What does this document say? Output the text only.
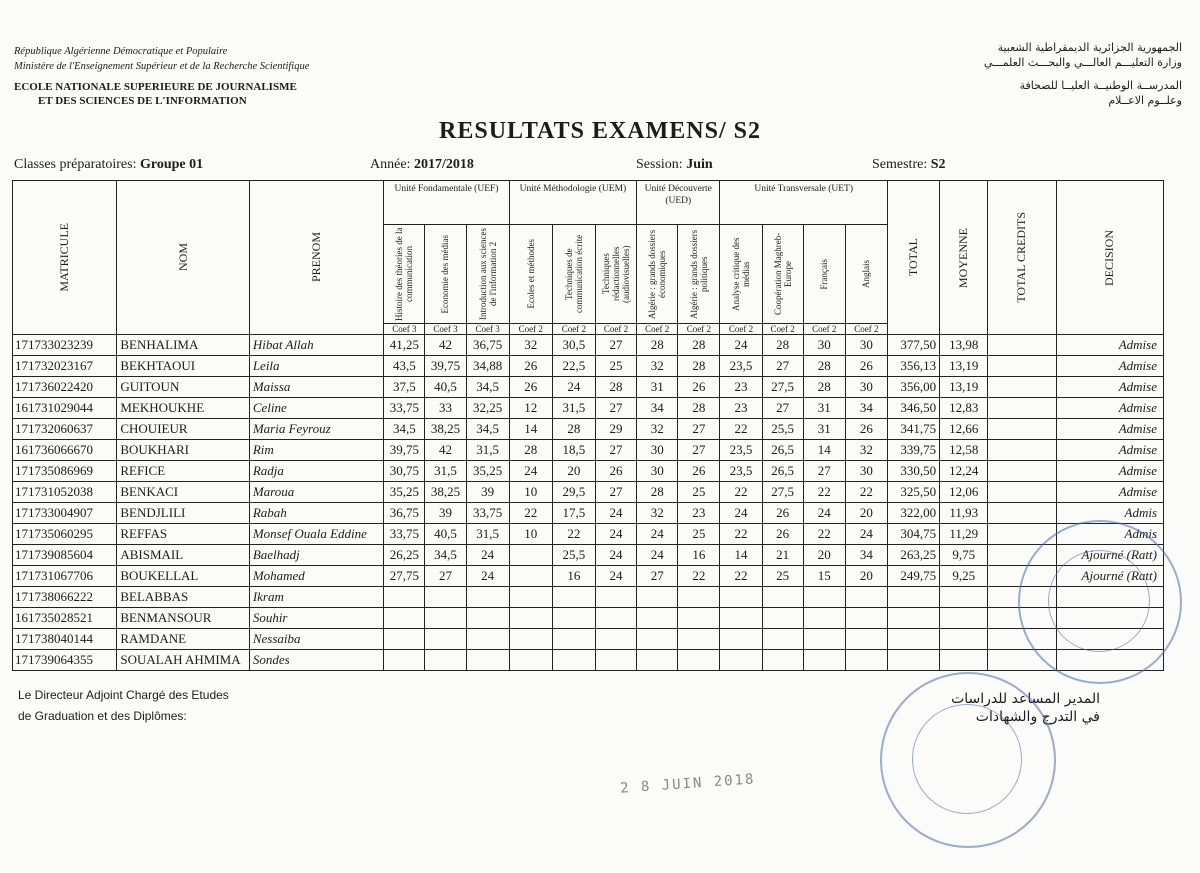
République Algérienne Démocratique et Populaire
Ministère de l'Enseignement Supérieur et de la Recherche Scientifique
ECOLE NATIONALE SUPERIEURE DE JOURNALISME
ET DES SCIENCES DE L'INFORMATION
الجمهورية الجزائرية الديمقراطية الشعبية
وزارة التعليـــم العالـــي والبحـــث العلمـــي
المدرســة الوطنيــة العليــا للصحافة
وعلــوم الاعــلام
RESULTATS EXAMENS/ S2
Classes préparatoires: Groupe 01	Année: 2017/2018	Session: Juin	Semestre: S2
MATRICULE	NOM	PRENOM	Unité Fondamentale (UEF)			Unité Méthodologie (UEM)			Unité Découverte (UED)		Unité Transversale (UET)				TOTAL	MOYENNE	TOTAL CREDITS	DECISION

			Histoire des théories de la communication	Economie des médias	Introduction aux sciences de l'information 2	Ecoles et méthodes	Techniques de communication écrite	Techniques rédactionnelles (audiovisuelles)	Algérie : grands dossiers économiques	Algérie : grands dossiers politiques	Analyse critique des médias	Coopération Maghreb- Europe	Français	Anglais				

			Coef 3	Coef 3	Coef 3	Coef 2	Coef 2	Coef 2	Coef 2	Coef 2	Coef 2	Coef 2	Coef 2	Coef 2				
171733023239	BENHALIMA	Hibat Allah	41,25	42	36,75	32	30,5	27	28	28	24	28	30	30	377,50	13,98		Admise
171732023167	BEKHTAOUI	Leila	43,5	39,75	34,88	26	22,5	25	32	28	23,5	27	28	26	356,13	13,19		Admise
171736022420	GUITOUN	Maissa	37,5	40,5	34,5	26	24	28	31	26	23	27,5	28	30	356,00	13,19		Admise
161731029044	MEKHOUKHE	Celine	33,75	33	32,25	12	31,5	27	34	28	23	27	31	34	346,50	12,83		Admise
171732060637	CHOUIEUR	Maria Feyrouz	34,5	38,25	34,5	14	28	29	32	27	22	25,5	31	26	341,75	12,66		Admise
161736066670	BOUKHARI	Rim	39,75	42	31,5	28	18,5	27	30	27	23,5	26,5	14	32	339,75	12,58		Admise
171735086969	REFICE	Radja	30,75	31,5	35,25	24	20	26	30	26	23,5	26,5	27	30	330,50	12,24		Admise
171731052038	BENKACI	Maroua	35,25	38,25	39	10	29,5	27	28	25	22	27,5	22	22	325,50	12,06		Admise
171733004907	BENDJLILI	Rabah	36,75	39	33,75	22	17,5	24	32	23	24	26	24	20	322,00	11,93		Admis
171735060295	REFFAS	Monsef Ouala Eddine	33,75	40,5	31,5	10	22	24	24	25	22	26	22	24	304,75	11,29		Admis
171739085604	ABISMAIL	Baelhadj	26,25	34,5	24		25,5	24	24	16	14	21	20	34	263,25	9,75		Ajourné (Ratt)
171731067706	BOUKELLAL	Mohamed	27,75	27	24		16	24	27	22	22	25	15	20	249,75	9,25		Ajourné (Ratt)
171738066222	BELABBAS	Ikram																
161735028521	BENMANSOUR	Souhir																
171738040144	RAMDANE	Nessaiba																
171739064355	SOUALAH AHMIMA	Sondes																
Le Directeur Adjoint Chargé des Etudes
de Graduation et des Diplômes:
المدير المساعد للدراسات
في التدرج والشهادات
2 8 JUIN 2018
